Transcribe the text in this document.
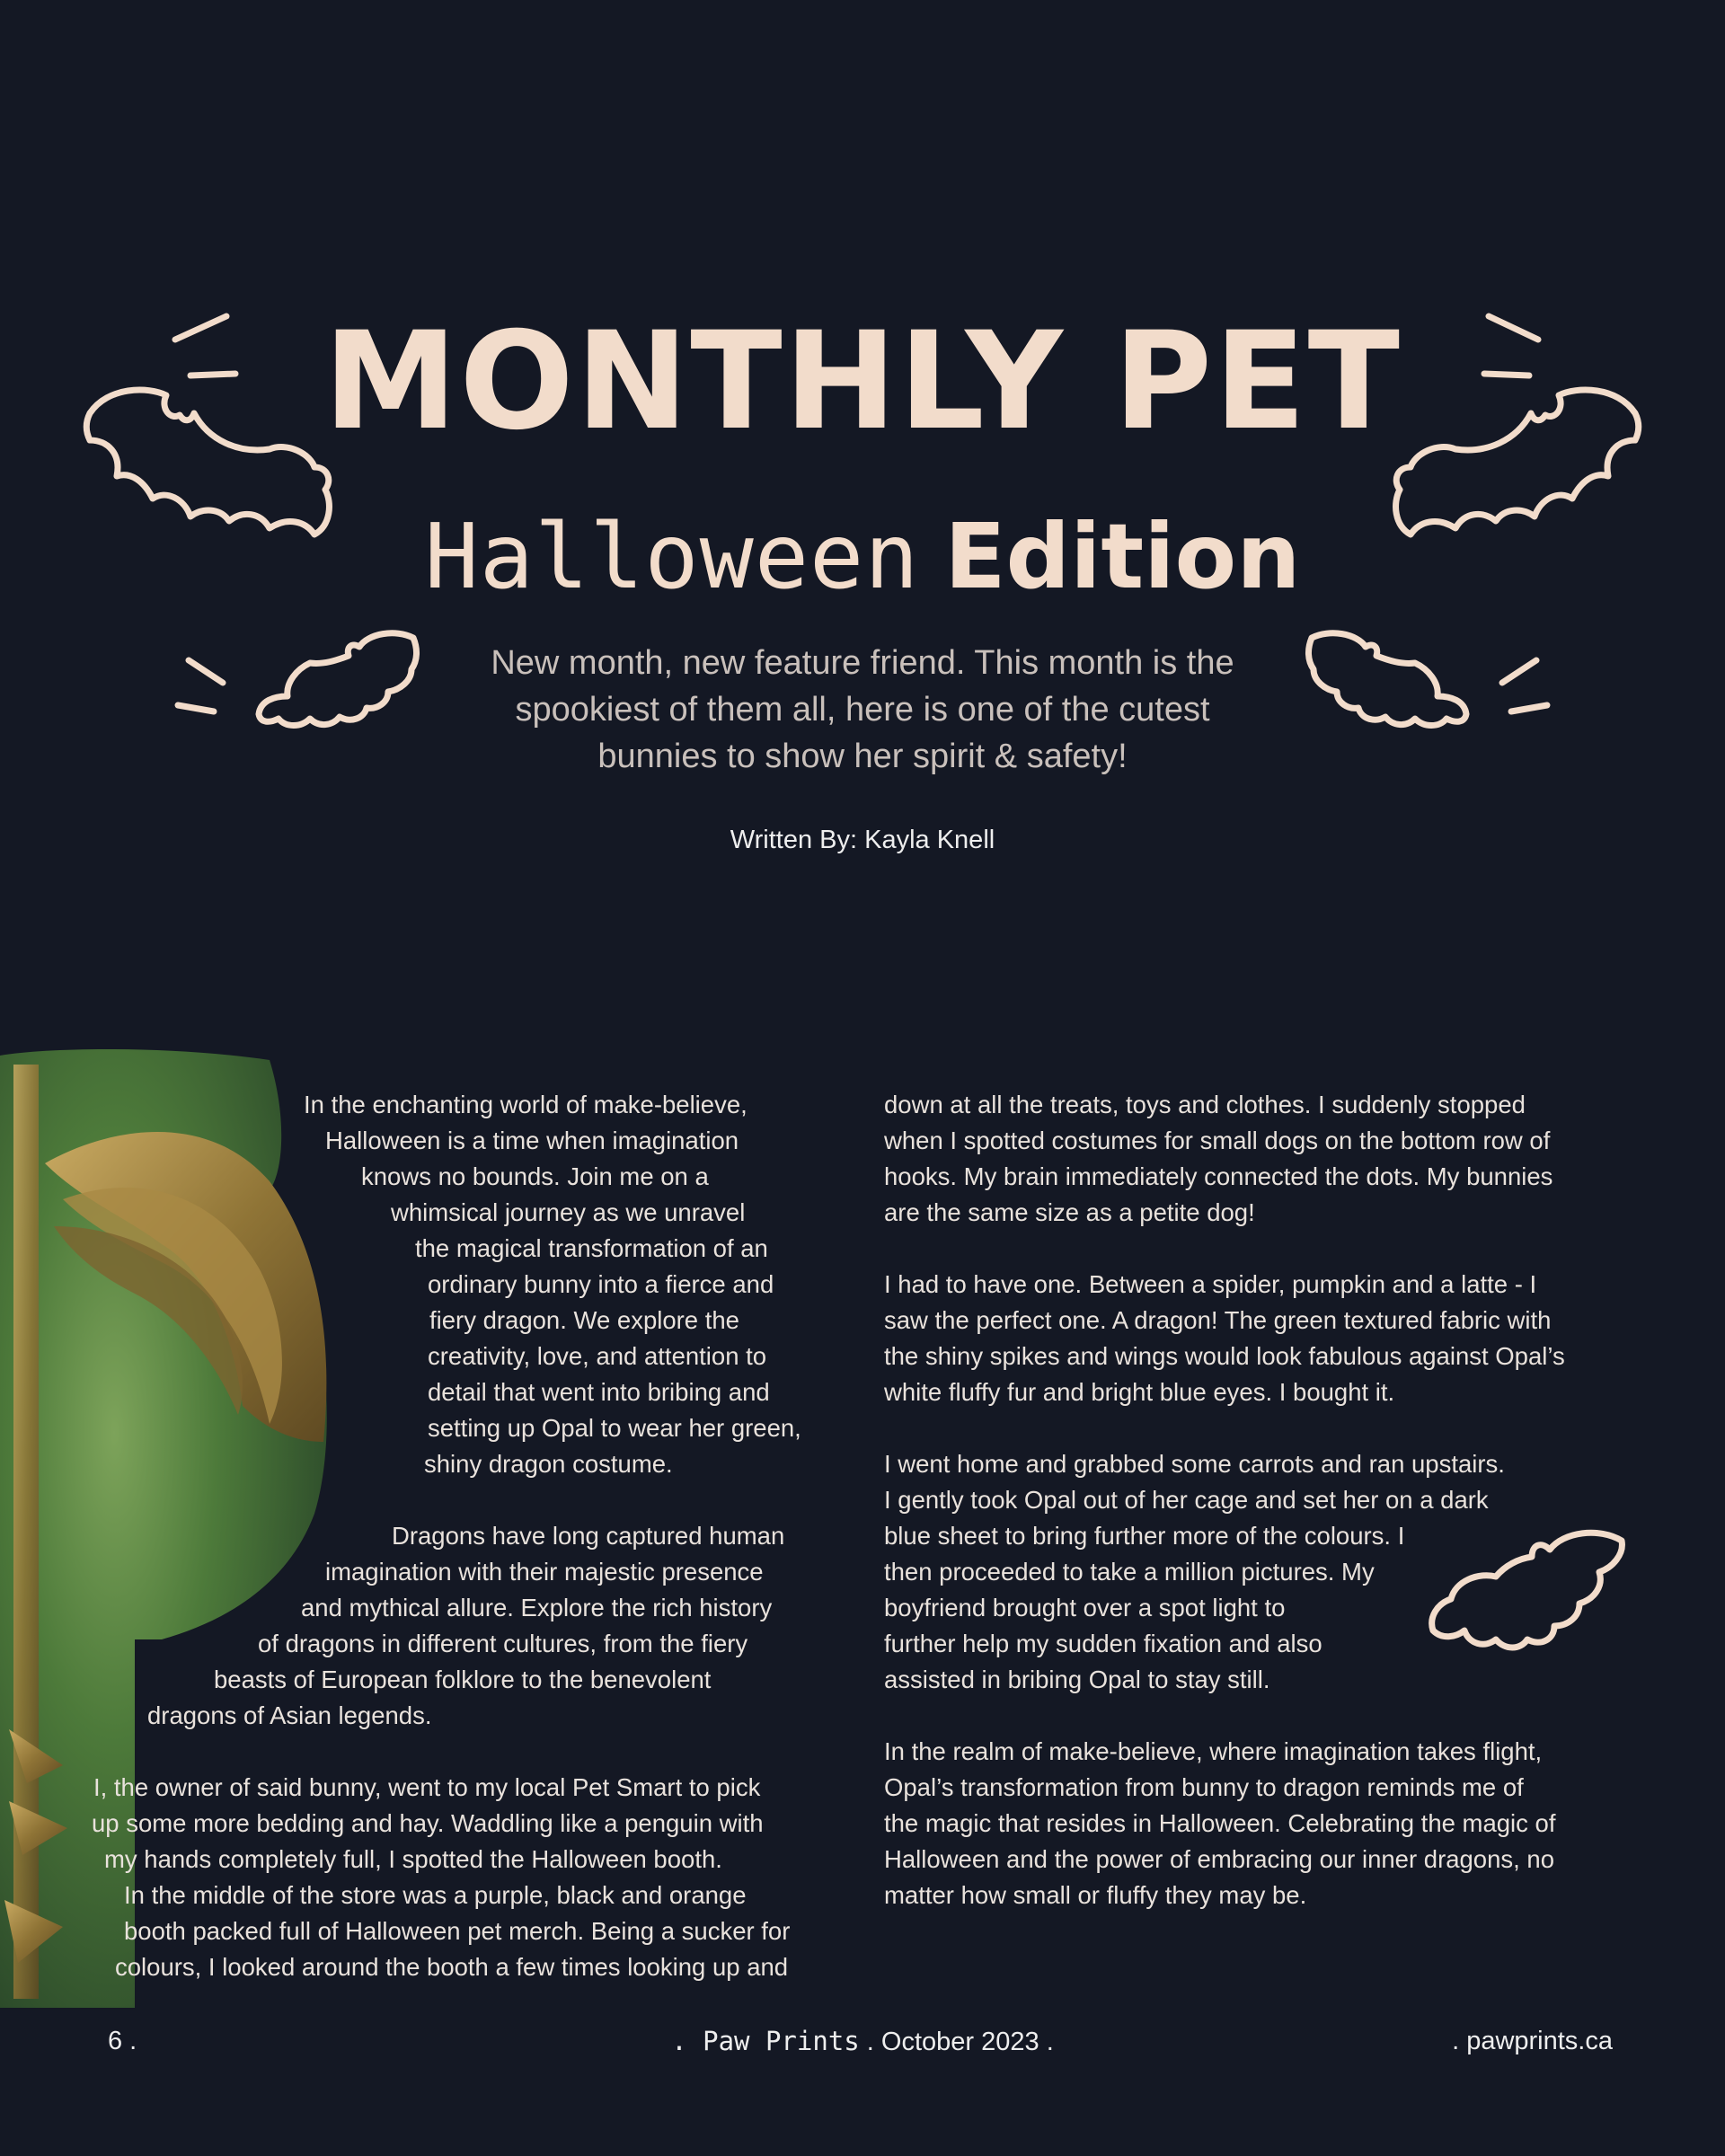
MONTHLY PET
Halloween Edition
New month, new feature friend. This month is the spookiest of them all, here is one of the cutest bunnies to show her spirit & safety!
Written By: Kayla Knell

In the enchanting world of make-believe,

Halloween is a time when imagination

knows no bounds. Join me on a

whimsical journey as we unravel

the magical transformation of an

ordinary bunny into a fierce and

fiery dragon. We explore the

creativity, love, and attention to

detail that went into bribing and

setting up Opal to wear her green,

shiny dragon costume.

Dragons have long captured human

imagination with their majestic presence

and mythical allure. Explore the rich history

of dragons in different cultures, from the fiery

beasts of European folklore to the benevolent

dragons of Asian legends.

I, the owner of said bunny, went to my local Pet Smart to pick

up some more bedding and hay. Waddling like a penguin with

my hands completely full, I spotted the Halloween booth.

In the middle of the store was a purple, black and orange

booth packed full of Halloween pet merch. Being a sucker for

colours, I looked around the booth a few times looking up and

down at all the treats, toys and clothes. I suddenly stopped

when I spotted costumes for small dogs on the bottom row of

hooks. My brain immediately connected the dots. My bunnies

are the same size as a petite dog!

I had to have one. Between a spider, pumpkin and a latte - I

saw the perfect one. A dragon! The green textured fabric with

the shiny spikes and wings would look fabulous against Opal’s

white fluffy fur and bright blue eyes. I bought it.

I went home and grabbed some carrots and ran upstairs.

I gently took Opal out of her cage and set her on a dark

blue sheet to bring further more of the colours. I

then proceeded to take a million pictures. My

boyfriend brought over a spot light to

further help my sudden fixation and also

assisted in bribing Opal to stay still.

In the realm of make-believe, where imagination takes flight,

Opal’s transformation from bunny to dragon reminds me of

the magic that resides in Halloween. Celebrating the magic of

Halloween and the power of embracing our inner dragons, no

matter how small or fluffy they may be.

6 .	. Paw Prints . October 2023 .	. pawprints.ca
